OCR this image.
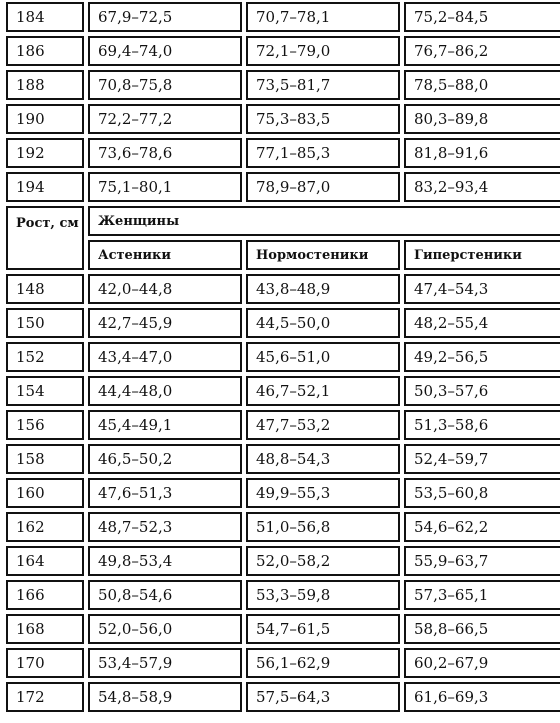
184	67,9–72,5	70,7–78,1	75,2–84,5
186	69,4–74,0	72,1–79,0	76,7–86,2
188	70,8–75,8	73,5–81,7	78,5–88,0
190	72,2–77,2	75,3–83,5	80,3–89,8
192	73,6–78,6	77,1–85,3	81,8–91,6
194	75,1–80,1	78,9–87,0	83,2–93,4
Рост, см	Женщины		
	Астеники	Нормостеники	Гиперстеники
148	42,0–44,8	43,8–48,9	47,4–54,3
150	42,7–45,9	44,5–50,0	48,2–55,4
152	43,4–47,0	45,6–51,0	49,2–56,5
154	44,4–48,0	46,7–52,1	50,3–57,6
156	45,4–49,1	47,7–53,2	51,3–58,6
158	46,5–50,2	48,8–54,3	52,4–59,7
160	47,6–51,3	49,9–55,3	53,5–60,8
162	48,7–52,3	51,0–56,8	54,6–62,2
164	49,8–53,4	52,0–58,2	55,9–63,7
166	50,8–54,6	53,3–59,8	57,3–65,1
168	52,0–56,0	54,7–61,5	58,8–66,5
170	53,4–57,9	56,1–62,9	60,2–67,9
172	54,8–58,9	57,5–64,3	61,6–69,3
